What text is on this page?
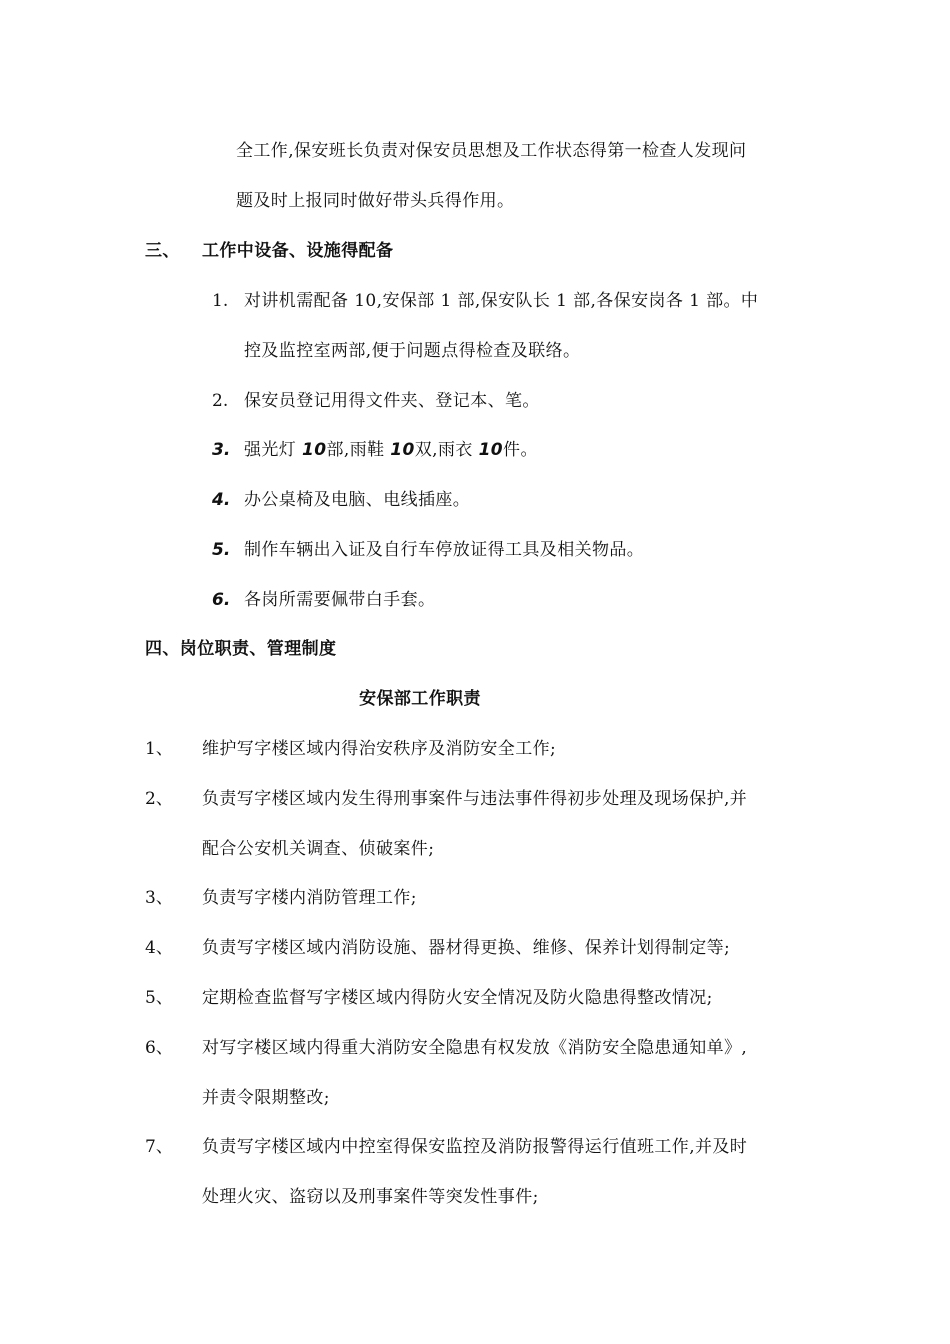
全工作,保安班长负责对保安员思想及工作状态得第一检查人发现问
题及时上报同时做好带头兵得作用。
三、 工作中设备、设施得配备
1. 对讲机需配备 10,安保部 1 部,保安队长 1 部,各保安岗各 1 部。中
控及监控室两部,便于问题点得检查及联络。
2. 保安员登记用得文件夹、登记本、笔。
3. 强光灯 10部,雨鞋 10双,雨衣 10件。
4. 办公桌椅及电脑、电线插座。
5. 制作车辆出入证及自行车停放证得工具及相关物品。
6. 各岗所需要佩带白手套。
四、岗位职责、管理制度
安保部工作职责
1、 维护写字楼区域内得治安秩序及消防安全工作;
2、 负责写字楼区域内发生得刑事案件与违法事件得初步处理及现场保护,并
配合公安机关调查、侦破案件;
3、 负责写字楼内消防管理工作;
4、 负责写字楼区域内消防设施、器材得更换、维修、保养计划得制定等;
5、 定期检查监督写字楼区域内得防火安全情况及防火隐患得整改情况;
6、 对写字楼区域内得重大消防安全隐患有权发放《消防安全隐患通知单》,
并责令限期整改;
7、 负责写字楼区域内中控室得保安监控及消防报警得运行值班工作,并及时
处理火灾、盗窃以及刑事案件等突发性事件;
